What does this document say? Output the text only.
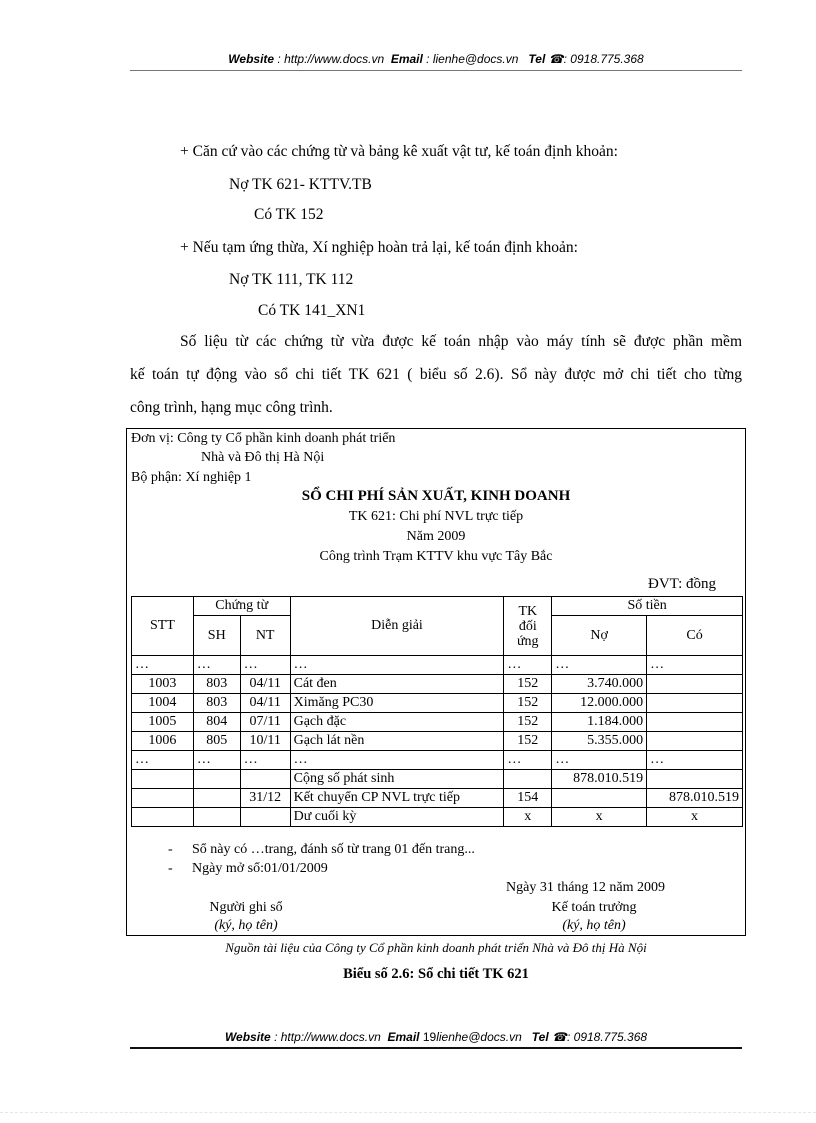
Website : http://www.docs.vn Email : lienhe@docs.vn Tel ☎: 0918.775.368
+ Căn cứ vào các chứng từ và bảng kê xuất vật tư, kế toán định khoản:
Nợ TK 621- KTTV.TB
Có TK 152
+ Nếu tạm ứng thừa, Xí nghiệp hoàn trả lại, kế toán định khoản:
Nợ TK 111, TK 112
Có TK 141_XN1
Số liệu từ các chứng từ vừa được kế toán nhập vào máy tính sẽ được phần mềm
kế toán tự động vào sổ chi tiết TK 621 ( biểu số 2.6). Sổ này được mở chi tiết cho từng
công trình, hạng mục công trình.
Đơn vị: Công ty Cổ phần kinh doanh phát triển
Nhà và Đô thị Hà Nội
Bộ phận: Xí nghiệp 1
SỔ CHI PHÍ SẢN XUẤT, KINH DOANH
TK 621: Chi phí NVL trực tiếp
Năm 2009
Công trình Trạm KTTV khu vực Tây Bắc
ĐVT: đồng
STT	Chứng từ		Diễn giải	TK
đối
ứng	Số tiền	
	SH	NT			Nợ	Có
…	…	…	…	…	…	…
1003	803	04/11	Cát đen	152	3.740.000	
1004	803	04/11	Ximăng PC30	152	12.000.000	
1005	804	07/11	Gạch đặc	152	1.184.000	
1006	805	10/11	Gạch lát nền	152	5.355.000	
…	…	…	…	…	…	…
			Cộng số phát sinh		878.010.519	
		31/12	Kết chuyển CP NVL trực tiếp	154		878.010.519
			Dư cuối kỳ	x	x	x
- Sổ này có …trang, đánh số từ trang 01 đến trang...
- Ngày mở sổ:01/01/2009
Ngày 31 tháng 12 năm 2009
Người ghi sổ
(ký, họ tên)
Kế toán trưởng
(ký, họ tên)
Nguồn tài liệu của Công ty Cổ phần kinh doanh phát triển Nhà và Đô thị Hà Nội
Biểu số 2.6: Sổ chi tiết TK 621
Website : http://www.docs.vn Email 19lienhe@docs.vn Tel ☎: 0918.775.368
